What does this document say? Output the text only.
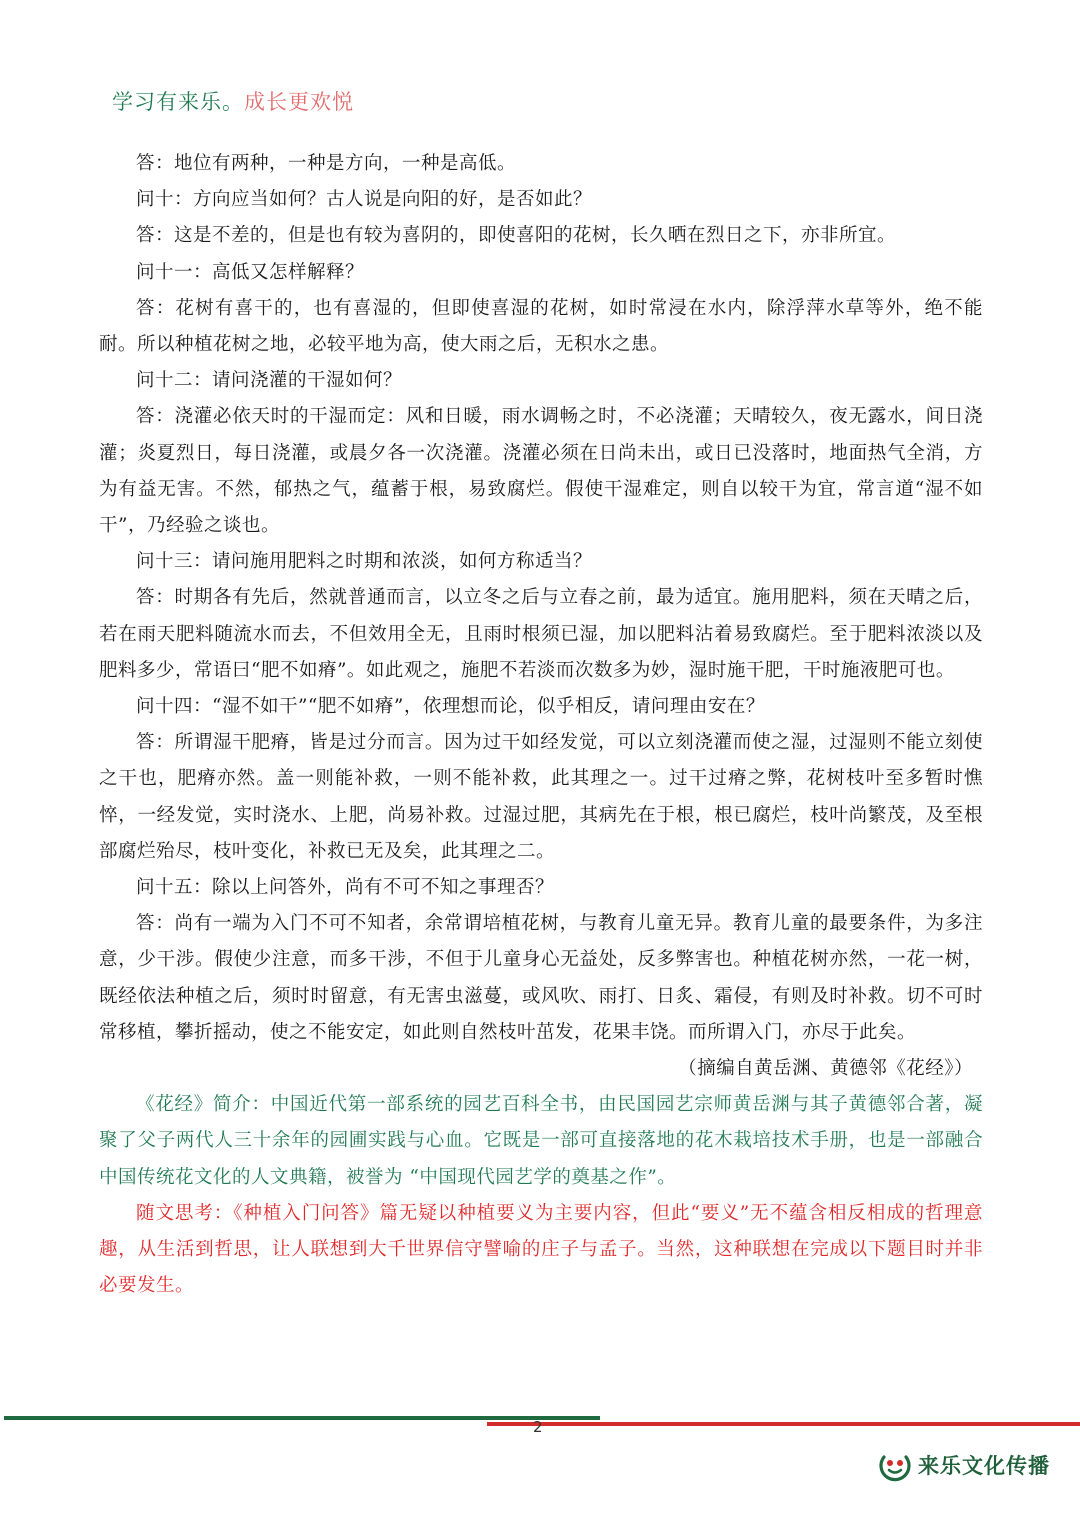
学习有来乐。成长更欢悦

答：地位有两种，一种是方向，一种是高低。

问十：方向应当如何？古人说是向阳的好，是否如此？

答：这是不差的，但是也有较为喜阴的，即使喜阳的花树，长久晒在烈日之下，亦非所宜。

问十一：高低又怎样解释？

答：花树有喜干的，也有喜湿的，但即使喜湿的花树，如时常浸在水内，除浮萍水草等外，绝不能耐。所以种植花树之地，必较平地为高，使大雨之后，无积水之患。

问十二：请问浇灌的干湿如何？

答：浇灌必依天时的干湿而定：风和日暖，雨水调畅之时，不必浇灌；天晴较久，夜无露水，间日浇灌；炎夏烈日，每日浇灌，或晨夕各一次浇灌。浇灌必须在日尚未出，或日已没落时，地面热气全消，方为有益无害。不然，郁热之气，蕴蓄于根，易致腐烂。假使干湿难定，则自以较干为宜，常言道“湿不如干”，乃经验之谈也。

问十三：请问施用肥料之时期和浓淡，如何方称适当？

答：时期各有先后，然就普通而言，以立冬之后与立春之前，最为适宜。施用肥料，须在天晴之后，若在雨天肥料随流水而去，不但效用全无，且雨时根须已湿，加以肥料沾着易致腐烂。至于肥料浓淡以及肥料多少，常语曰“肥不如瘠”。如此观之，施肥不若淡而次数多为妙，湿时施干肥，干时施液肥可也。

问十四：“湿不如干”“肥不如瘠”，依理想而论，似乎相反，请问理由安在？

答：所谓湿干肥瘠，皆是过分而言。因为过干如经发觉，可以立刻浇灌而使之湿，过湿则不能立刻使之干也，肥瘠亦然。盖一则能补救，一则不能补救，此其理之一。过干过瘠之弊，花树枝叶至多暂时憔悴，一经发觉，实时浇水、上肥，尚易补救。过湿过肥，其病先在于根，根已腐烂，枝叶尚繁茂，及至根部腐烂殆尽，枝叶变化，补救已无及矣，此其理之二。

问十五：除以上问答外，尚有不可不知之事理否？

答：尚有一端为入门不可不知者，余常谓培植花树，与教育儿童无异。教育儿童的最要条件，为多注意，少干涉。假使少注意，而多干涉，不但于儿童身心无益处，反多弊害也。种植花树亦然，一花一树，既经依法种植之后，须时时留意，有无害虫滋蔓，或风吹、雨打、日炙、霜侵，有则及时补救。切不可时常移植，攀折摇动，使之不能安定，如此则自然枝叶茁发，花果丰饶。而所谓入门，亦尽于此矣。

（摘编自黄岳渊、黄德邻《花经》）

《花经》简介：中国近代第一部系统的园艺百科全书，由民国园艺宗师黄岳渊与其子黄德邻合著，凝聚了父子两代人三十余年的园圃实践与心血。它既是一部可直接落地的花木栽培技术手册，也是一部融合中国传统花文化的人文典籍，被誉为 “中国现代园艺学的奠基之作”。

随文思考：《种植入门问答》篇无疑以种植要义为主要内容，但此“要义”无不蕴含相反相成的哲理意趣，从生活到哲思，让人联想到大千世界信守譬喻的庄子与孟子。当然，这种联想在完成以下题目时并非必要发生。

2
来乐文化传播
